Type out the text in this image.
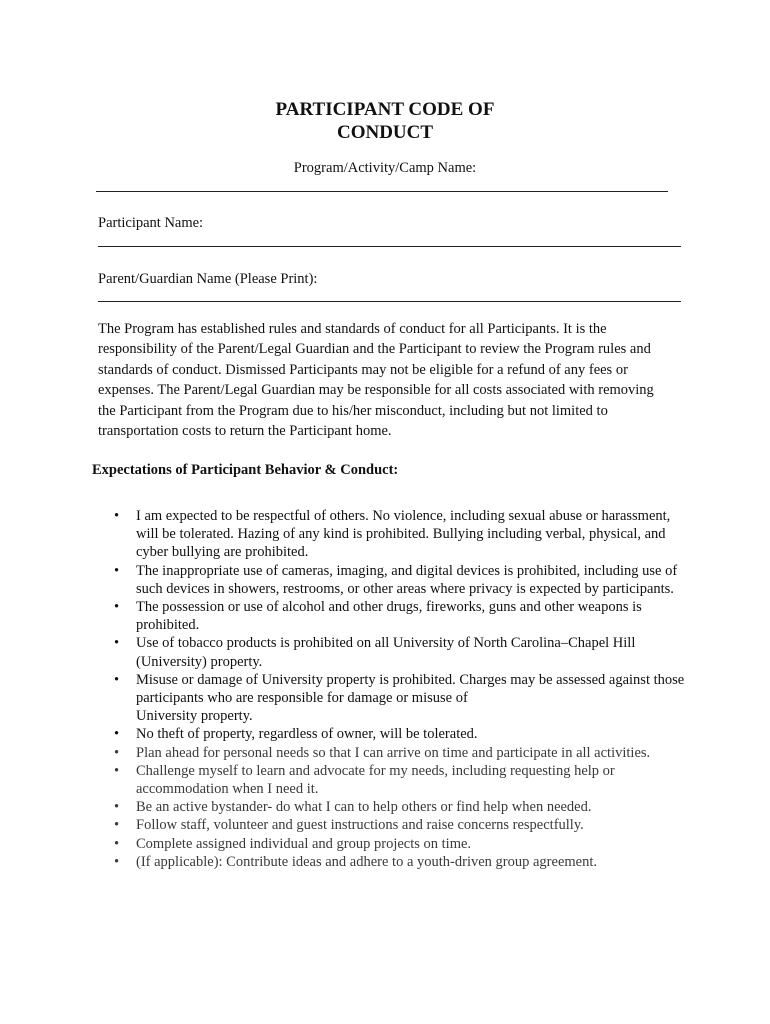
PARTICIPANT CODE OF
CONDUCT

Program/Activity/Camp Name:

Participant Name:

Parent/Guardian Name (Please Print):

The Program has established rules and standards of conduct for all Participants. It is the responsibility of the Parent/Legal Guardian and the Participant to review the Program rules and standards of conduct. Dismissed Participants may not be eligible for a refund of any fees or expenses. The Parent/Legal Guardian may be responsible for all costs associated with removing the Participant from the Program due to his/her misconduct, including but not limited to transportation costs to return the Participant home.

Expectations of Participant Behavior & Conduct:

• I am expected to be respectful of others. No violence, including sexual abuse or harassment, will be tolerated. Hazing of any kind is prohibited. Bullying including verbal, physical, and cyber bullying are prohibited.
• The inappropriate use of cameras, imaging, and digital devices is prohibited, including use of such devices in showers, restrooms, or other areas where privacy is expected by participants.
• The possession or use of alcohol and other drugs, fireworks, guns and other weapons is prohibited.
• Use of tobacco products is prohibited on all University of North Carolina–Chapel Hill (University) property.
• Misuse or damage of University property is prohibited. Charges may be assessed against those participants who are responsible for damage or misuse of
University property.
• No theft of property, regardless of owner, will be tolerated.
• Plan ahead for personal needs so that I can arrive on time and participate in all activities.
• Challenge myself to learn and advocate for my needs, including requesting help or accommodation when I need it.
• Be an active bystander- do what I can to help others or find help when needed.
• Follow staff, volunteer and guest instructions and raise concerns respectfully.
• Complete assigned individual and group projects on time.
• (If applicable): Contribute ideas and adhere to a youth-driven group agreement.
